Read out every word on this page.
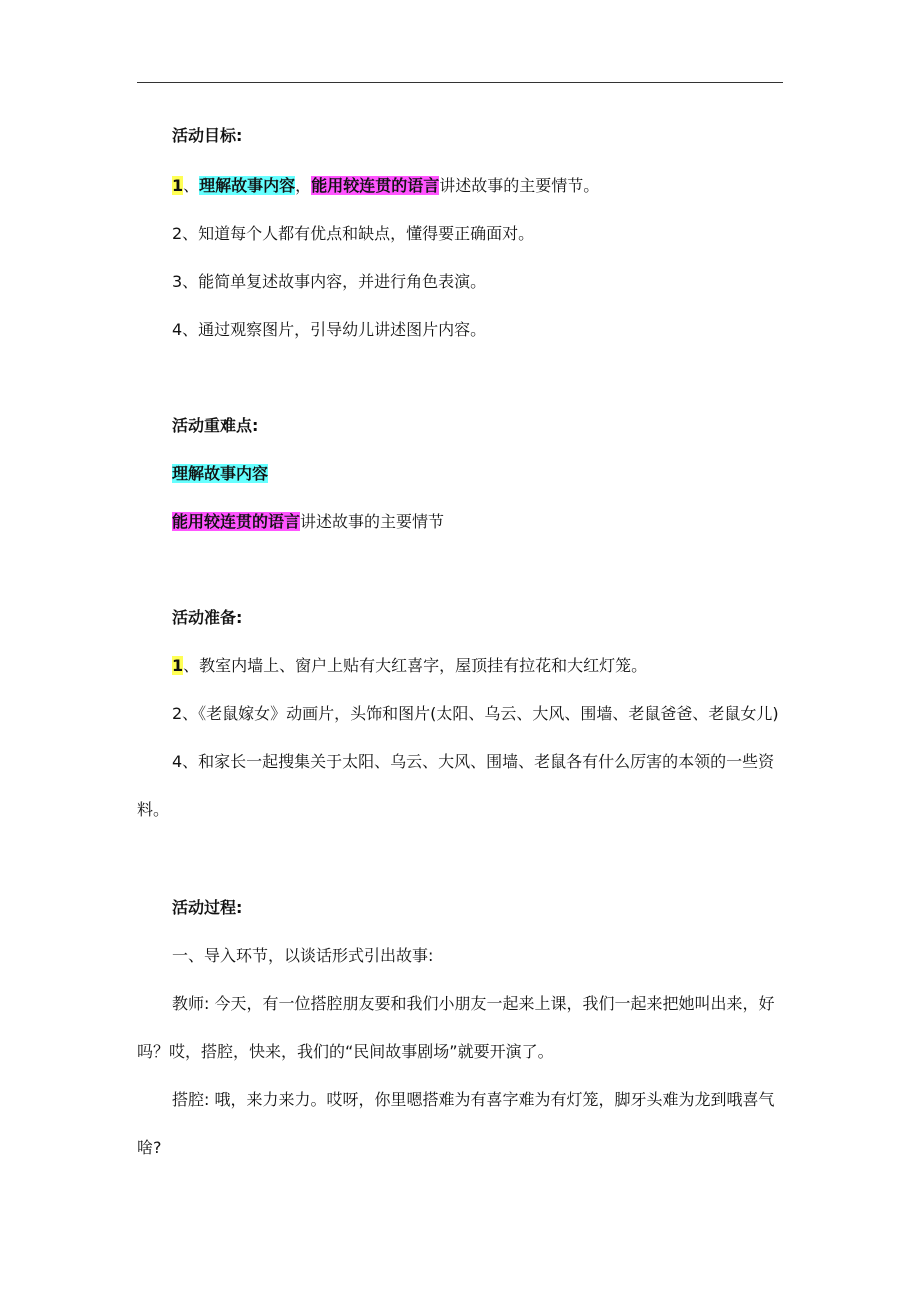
活动目标:

1、理解故事内容，能用较连贯的语言讲述故事的主要情节。

2、知道每个人都有优点和缺点，懂得要正确面对。

3、能简单复述故事内容，并进行角色表演。

4、通过观察图片，引导幼儿讲述图片内容。

活动重难点:

理解故事内容

能用较连贯的语言讲述故事的主要情节

活动准备:

1、教室内墙上、窗户上贴有大红喜字，屋顶挂有拉花和大红灯笼。

2、《老鼠嫁女》动画片，头饰和图片(太阳、乌云、大风、围墙、老鼠爸爸、老鼠女儿)

4、和家长一起搜集关于太阳、乌云、大风、围墙、老鼠各有什么厉害的本领的一些资

料。

活动过程:

一、导入环节，以谈话形式引出故事:

教师: 今天，有一位搭腔朋友要和我们小朋友一起来上课，我们一起来把她叫出来，好

吗？哎，搭腔，快来，我们的“民间故事剧场”就要开演了。

搭腔: 哦，来力来力。哎呀，你里嗯搭难为有喜字难为有灯笼，脚牙头难为龙到哦喜气

啥?
